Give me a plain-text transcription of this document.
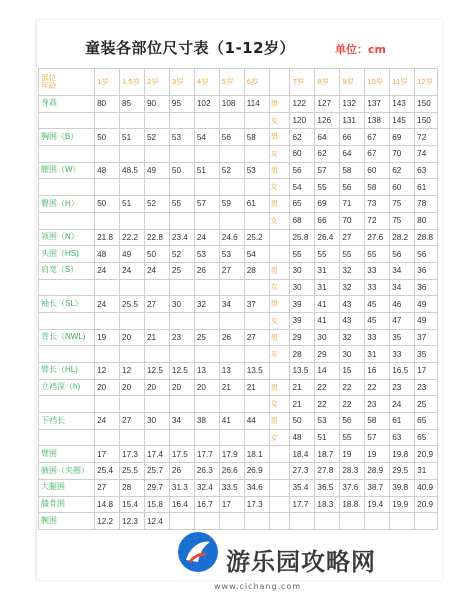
童装各部位尺寸表（1-12岁）	单位：cm
部位
年龄	1岁	1.5岁	2岁	3岁	4岁	5岁	6岁		7岁	8岁	9岁	10岁	11岁	12岁
身高	80	85	90	95	102	108	114	男	122	127	132	137	143	150
								女	120	126	131	138	145	150
胸围（B）	50	51	52	53	54	56	58	男	62	64	66	67	69	72
								女	60	62	64	67	70	74
腰围（W）	48	48.5	49	50	51	52	53	男	56	57	58	60	62	63
								女	54	55	56	58	60	61
臀围（H）	50	51	52	55	57	59	61	男	65	69	71	73	75	78
								女	68	66	70	72	75	80
领围（N）	21.8	22.2	22.8	23.4	24	24.6	25.2		25.8	26.4	27	27.6	28.2	28.8
头围（HS)	48	49	50	52	53	53	54		55	55	55	55	56	56
肩宽（S）	24	24	24	25	26	27	28	男	30	31	32	33	34	36
								女	30	31	32	33	34	36
袖长（SL）	24	25.5	27	30	32	34	37	男	39	41	43	45	46	49
								女	39	41	43	45	47	49
背长（NWL)	19	20	21	23	25	26	27	男	29	30	32	33	35	37
								女	28	29	30	31	33	35
臂长（HL)	12	12	12.5	12.5	13	13	13.5		13.5	14	15	16	16.5	17
立裆深（h)	20	20	20	20	20	21	21	男	21	22	22	22	23	23
								女	21	22	22	23	24	25
下裆长	24	27	30	34	38	41	44	男	50	53	56	58	61	65
								女	48	51	55	57	63	65
臂围	17	17.3	17.4	17.5	17.7	17.9	18.1		18.4	18.7	19	19	19.8	20.9
腋围（夹圈）	25.4	25.5	25.7	26	26.3	26.6	26.9		27.3	27.8	28.3	28.9	29.5	31
大腿围	27	28	29.7	31.3	32.4	33.5	34.6		35.4	36.5	37.6	38.7	39.8	40.9
膝骨围	14.8	15.4	15.8	16.4	16.7	17	17.3		17.7	18.3	18.8	19.4	19.9	20.9
腕围	12.2	12.3	12.4											
游乐园攻略网
www.cichang.com
